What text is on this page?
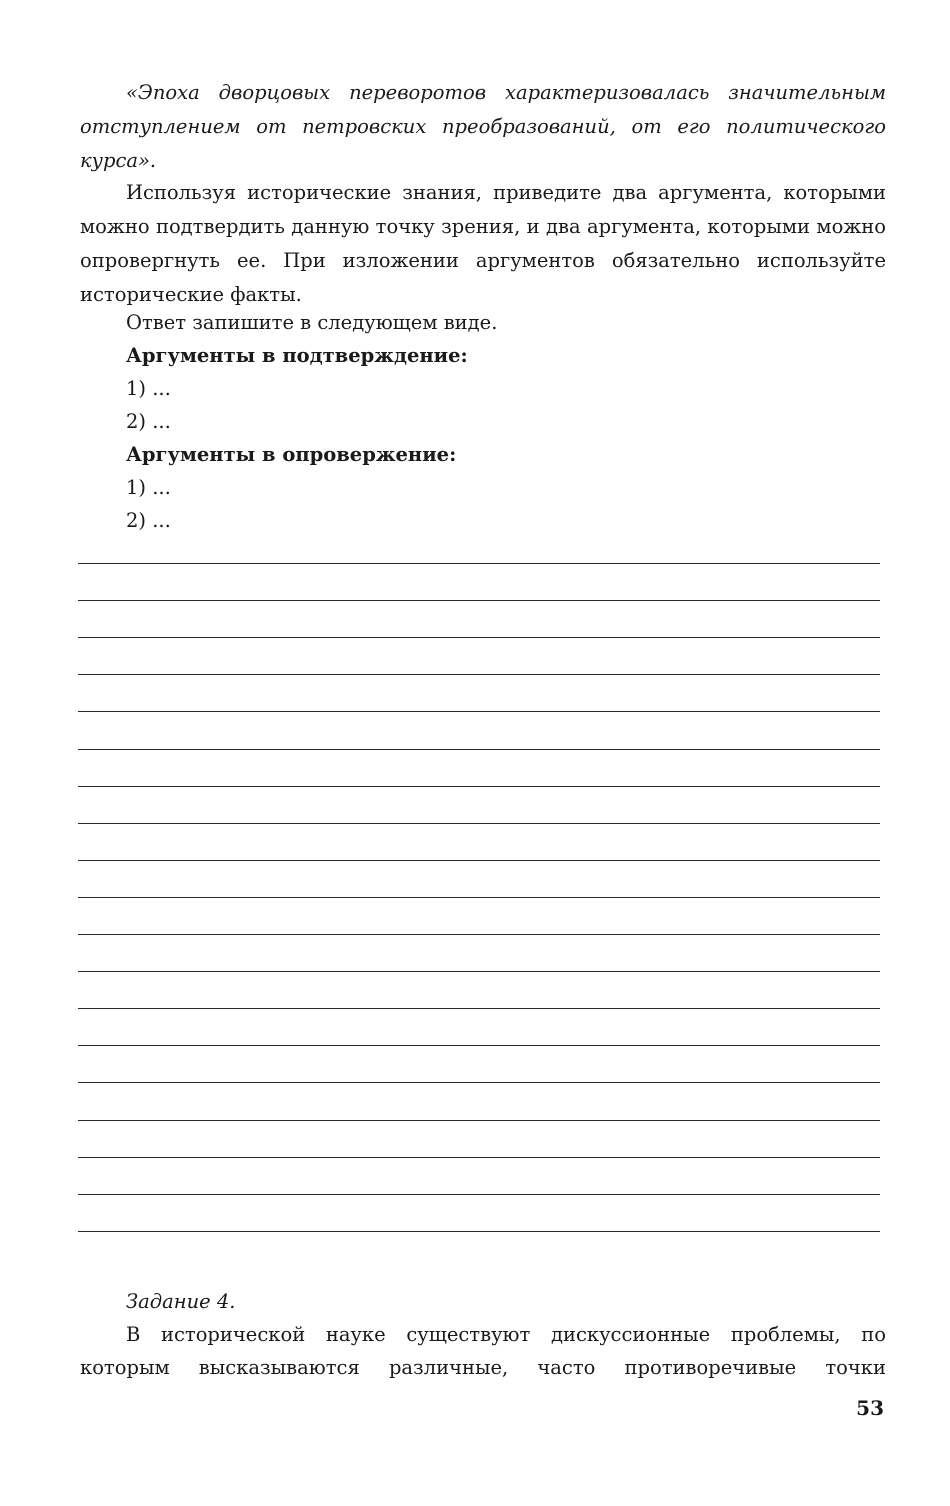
«Эпоха дворцовых переворотов характеризовалась значительным отступлением от петровских преобразований, от его политического курса».

Используя исторические знания, приведите два аргумента, которыми можно подтвердить данную точку зрения, и два аргумента, которыми можно опровергнуть ее. При изложении аргументов обязательно используйте исторические факты.

Ответ запишите в следующем виде.
Аргументы в подтверждение:
1) ...
2) ...
Аргументы в опровержение:
1) ...
2) ...

Задание 4.

В исторической науке существуют дискуссионные проблемы, по которым высказываются различные, часто противоречивые точки

53
